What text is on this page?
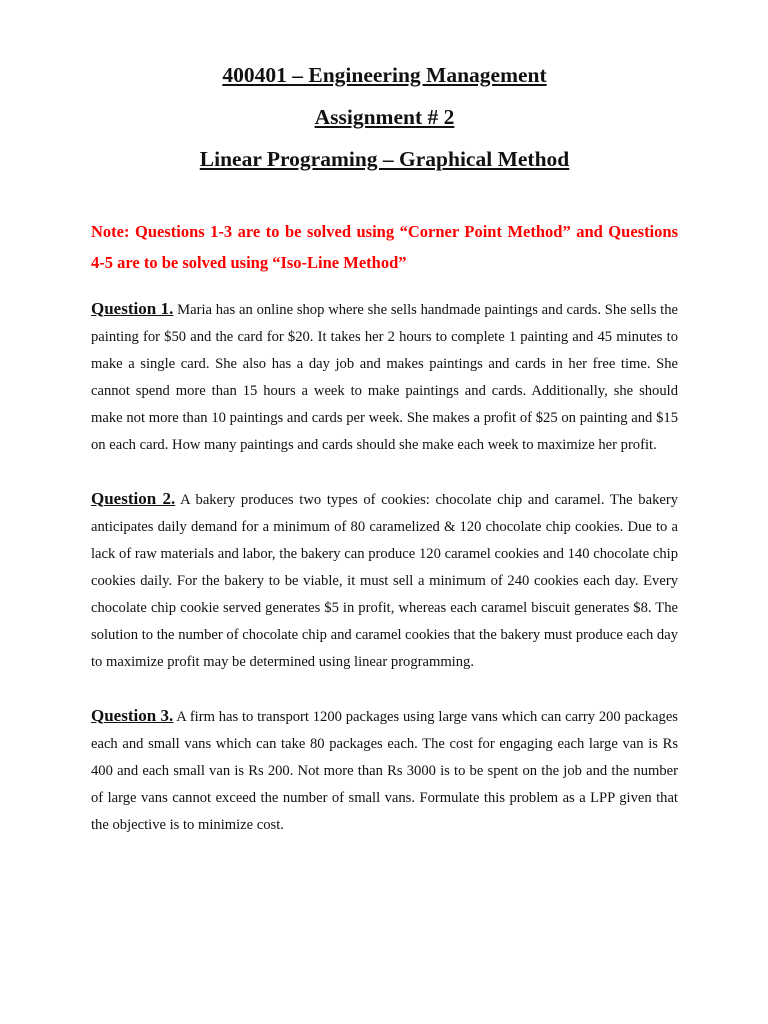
400401 – Engineering Management
Assignment # 2
Linear Programing – Graphical Method

Note: Questions 1-3 are to be solved using “Corner Point Method” and Questions 4-5 are to be solved using “Iso-Line Method”

Question 1. Maria has an online shop where she sells handmade paintings and cards. She sells the painting for $50 and the card for $20. It takes her 2 hours to complete 1 painting and 45 minutes to make a single card. She also has a day job and makes paintings and cards in her free time. She cannot spend more than 15 hours a week to make paintings and cards. Additionally, she should make not more than 10 paintings and cards per week. She makes a profit of $25 on painting and $15 on each card. How many paintings and cards should she make each week to maximize her profit.

Question 2. A bakery produces two types of cookies: chocolate chip and caramel. The bakery anticipates daily demand for a minimum of 80 caramelized & 120 chocolate chip cookies. Due to a lack of raw materials and labor, the bakery can produce 120 caramel cookies and 140 chocolate chip cookies daily. For the bakery to be viable, it must sell a minimum of 240 cookies each day. Every chocolate chip cookie served generates $5 in profit, whereas each caramel biscuit generates $8. The solution to the number of chocolate chip and caramel cookies that the bakery must produce each day to maximize profit may be determined using linear programming.

Question 3. A firm has to transport 1200 packages using large vans which can carry 200 packages each and small vans which can take 80 packages each. The cost for engaging each large van is Rs 400 and each small van is Rs 200. Not more than Rs 3000 is to be spent on the job and the number of large vans cannot exceed the number of small vans. Formulate this problem as a LPP given that the objective is to minimize cost.
